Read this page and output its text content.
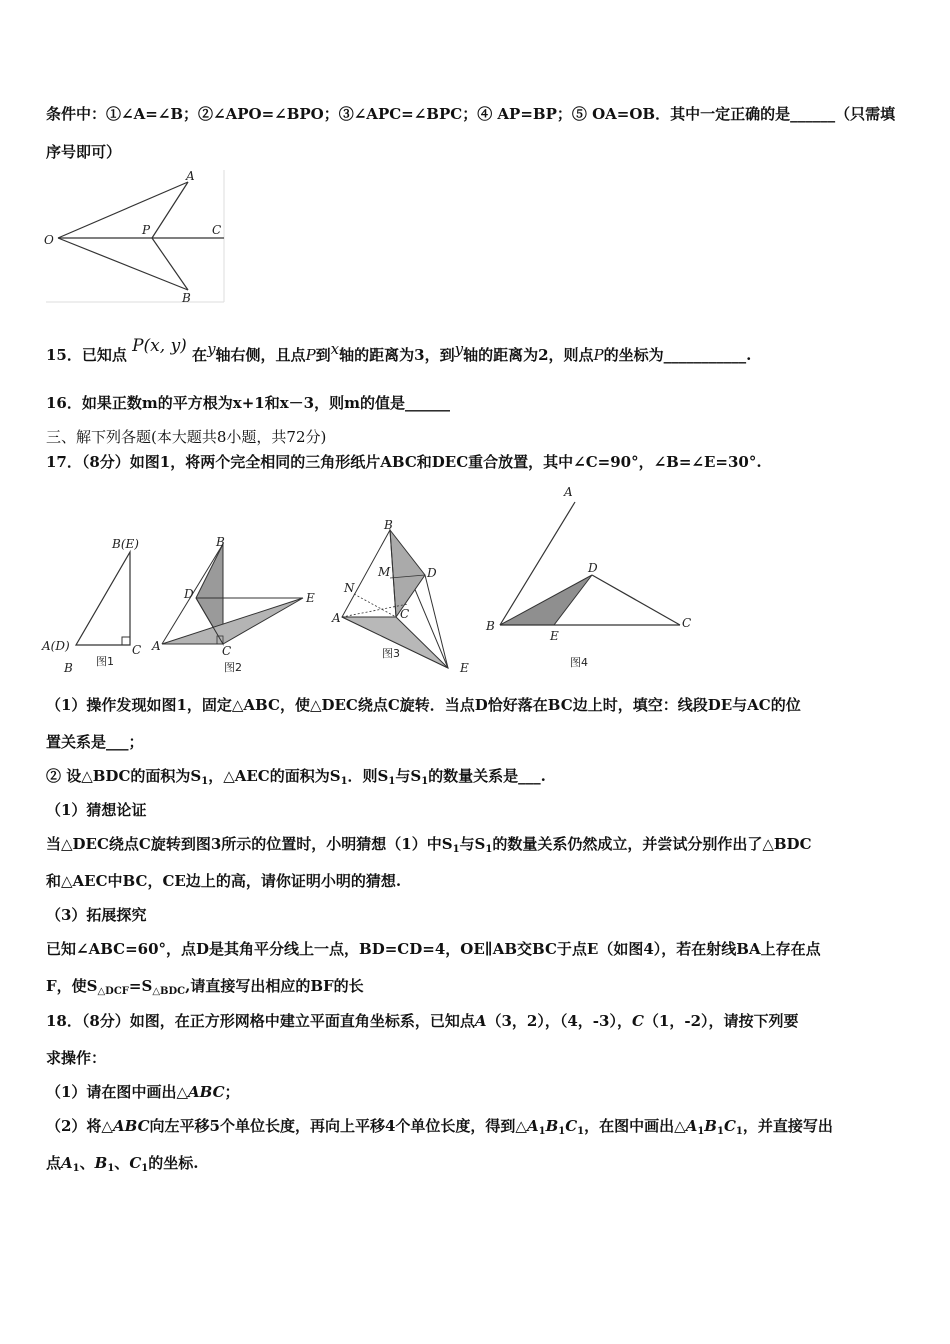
条件中：①∠A=∠B；②∠APO=∠BPO；③∠APC=∠BPC；④ AP=BP；⑤ OA=OB．其中一定正确的是______（只需填
序号即可）
O
P	C
A
B
15．已知点 P(x, y) 在y轴右侧，且点P到x轴的距离为3，到y轴的距离为2，则点P的坐标为___________.
16．如果正数m的平方根为x+1和x－3，则m的值是______
三、解下列各题(本大题共8小题，共72分)
17．（8分）如图1，将两个完全相同的三角形纸片ABC和DEC重合放置，其中∠C=90°，∠B=∠E=30°.
B(E)
A(D)	C
B 图1
B
D	E
A	C
图2
B
M	D
N
A	C
E
图3
A
D
B
E
C
图4
（1）操作发现如图1，固定△ABC，使△DEC绕点C旋转．当点D恰好落在BC边上时，填空：线段DE与AC的位
置关系是___；
② 设△BDC的面积为$S_1$，△AEC的面积为$S_1$．则$S_1$与$S_1$的数量关系是___.
（1）猜想论证
当△DEC绕点C旋转到图3所示的位置时，小明猜想（1）中$S_1$与$S_1$的数量关系仍然成立，并尝试分别作出了△BDC
和△AEC中BC，CE边上的高，请你证明小明的猜想.
（3）拓展探究
已知∠ABC=60°，点D是其角平分线上一点，BD=CD=4，OE∥AB交BC于点E（如图4），若在射线BA上存在点
F，使$S_{\triangle DCF}=S_{\triangle BDC}$,请直接写出相应的BF的长
18．（8分）如图，在正方形网格中建立平面直角坐标系，已知点A（3，2），（4，-3），C（1，-2），请按下列要
求操作：
（1）请在图中画出△ABC；
（2）将△ABC向左平移5个单位长度，再向上平移4个单位长度，得到$\triangle A_1B_1C_1$，在图中画出$\triangle A_1B_1C_1$，并直接写出
点$A_1$、$B_1$、$C_1$的坐标.
